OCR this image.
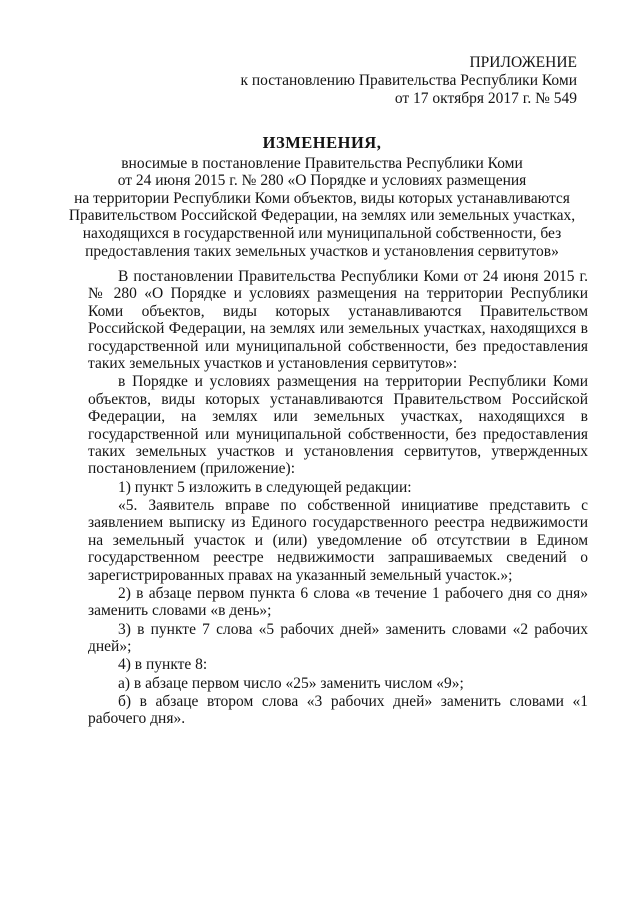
ПРИЛОЖЕНИЕ
к постановлению Правительства Республики Коми
от 17 октября 2017 г. № 549
ИЗМЕНЕНИЯ,
вносимые в постановление Правительства Республики Коми
от 24 июня 2015 г. № 280 «О Порядке и условиях размещения
на территории Республики Коми объектов, виды которых устанавливаются
Правительством Российской Федерации, на землях или земельных участках,
находящихся в государственной или муниципальной собственности, без
предоставления таких земельных участков и установления сервитутов»

В постановлении Правительства Республики Коми от 24 июня 2015 г. № 280 «О Порядке и условиях размещения на территории Республики Коми объектов, виды которых устанавливаются Правительством Российской Федерации, на землях или земельных участках, находящихся в государственной или муниципальной собственности, без предоставления таких земельных участков и установления сервитутов»:

в Порядке и условиях размещения на территории Республики Коми объектов, виды которых устанавливаются Правительством Российской Федерации, на землях или земельных участках, находящихся в государственной или муниципальной собственности, без предоставления таких земельных участков и установления сервитутов, утвержденных постановлением (приложение):

1) пункт 5 изложить в следующей редакции:

«5. Заявитель вправе по собственной инициативе представить с заявлением выписку из Единого государственного реестра недвижимости на земельный участок и (или) уведомление об отсутствии в Едином государственном реестре недвижимости запрашиваемых сведений о зарегистрированных правах на указанный земельный участок.»;

2) в абзаце первом пункта 6 слова «в течение 1 рабочего дня со дня» заменить словами «в день»;

3) в пункте 7 слова «5 рабочих дней» заменить словами «2 рабочих дней»;

4) в пункте 8:

а) в абзаце первом число «25» заменить числом «9»;

б) в абзаце втором слова «3 рабочих дней» заменить словами «1 рабочего дня».
